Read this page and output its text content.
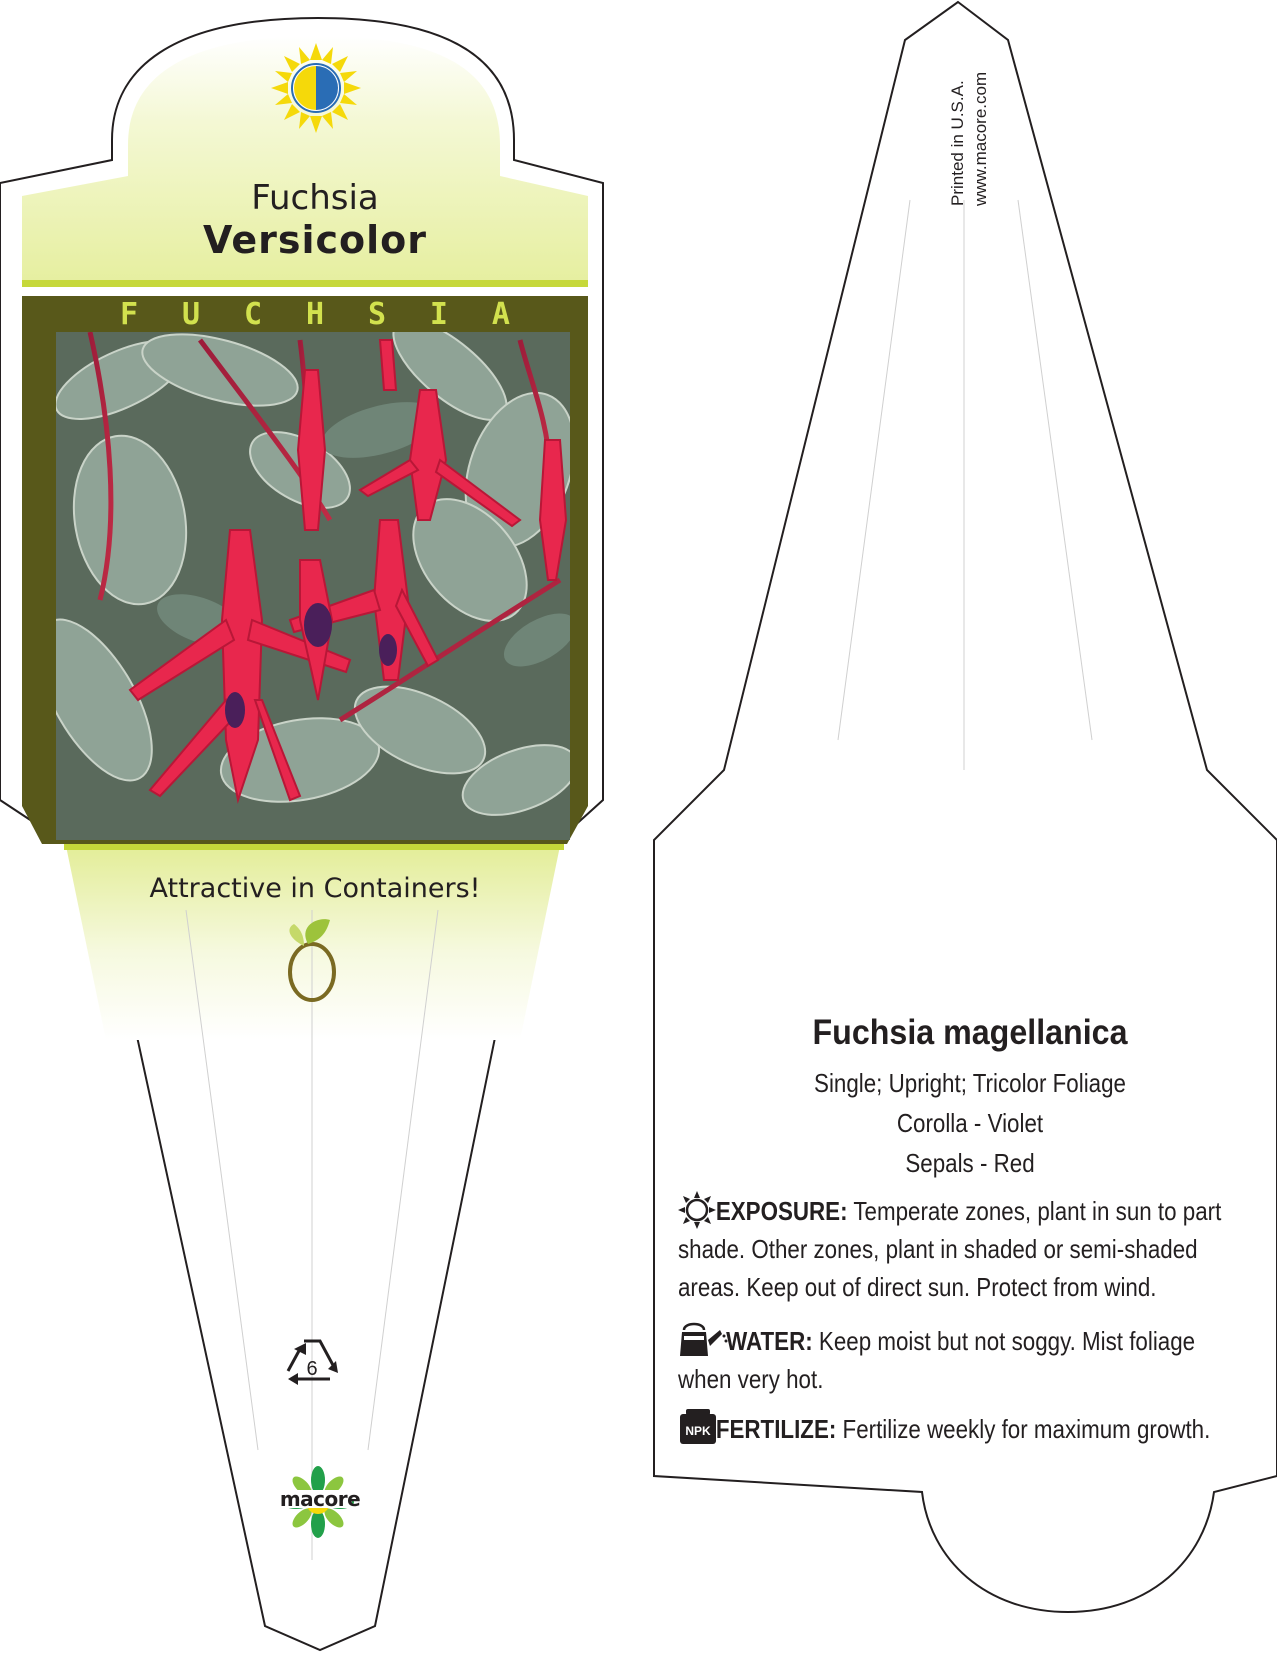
6
NPK
Fuchsia
Versicolor
F U C H S I A
Attractive in Containers!
macore
Printed in U.S.A. www.macore.com
Fuchsia magellanica
Single; Upright; Tricolor Foliage
Corolla - Violet
Sepals - Red

EXPOSURE: Temperate zones, plant in sun to part shade. Other zones, plant in shaded or semi-shaded areas. Keep out of direct sun. Protect from wind.

WATER: Keep moist but not soggy. Mist foliage when very hot.

FERTILIZE: Fertilize weekly for maximum growth.
